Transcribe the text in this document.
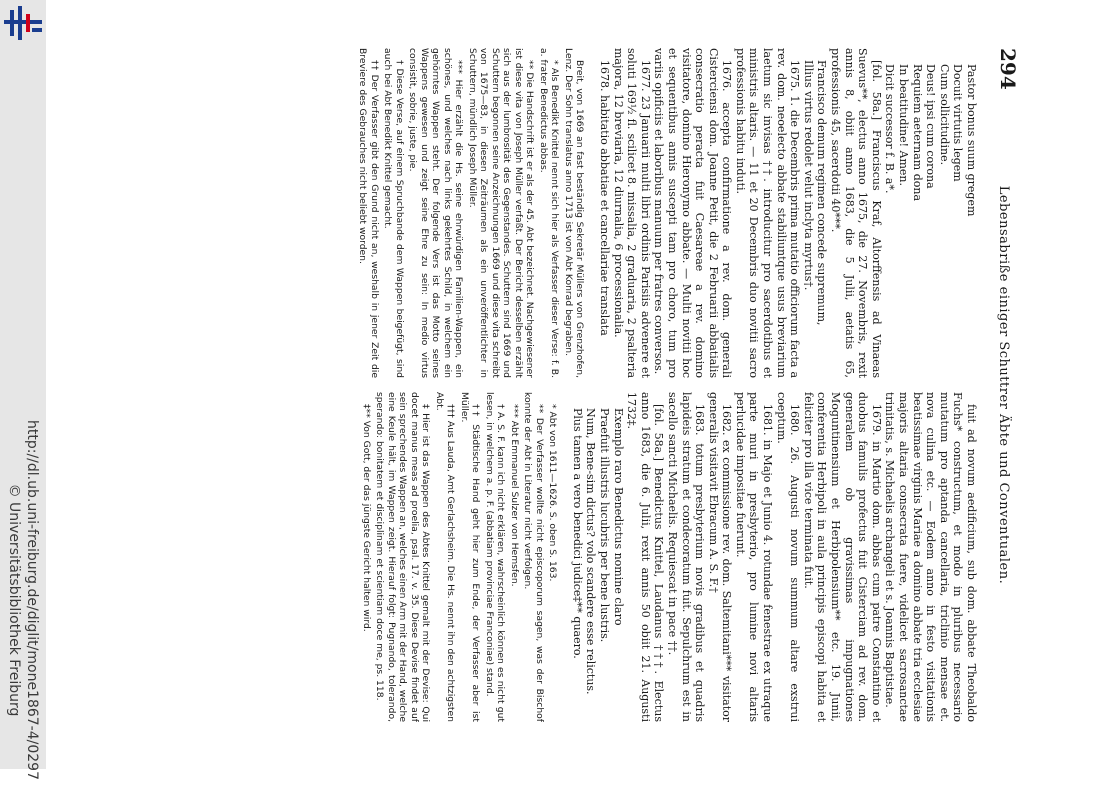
http://dl.ub.uni-freiburg.de/diglit/mone1867-4/0297
© Universitätsbibliothek Freiburg
294
Lebensabriße einiger Schuttrer Äbte und Conventualen.

Pastor bonus suum gregem

Docuit virtutis legem

Cum sollicitudine.

Deus! ipsi cum corona

Requiem aeternam dona

In beatitudine! Amen.

Dicit successor f. B. a*.

[fol. 58a.] Franciscus Kraf, Altorffensis ad Vinaeas Suevus**, electus anno 1675, die 27. Novembris, rexit annis 8, obiit anno 1683, die 5 Julii, aetatis 65, professionis 45, sacerdotii 40***.

Francisco demum regimen concede supremum,

Illius virtus redolet velut inclyta myrtus†.

1675. 1. die Decembris prima mutatio officiorum facta a rev. dom. neoelecto abbate stabiliuntque usus breviarium laetum sic invisas ††. introducitur pro sacerdotibus et ministris altaris. — 11 et 20 Decembris duo novitii sacro professionis habitu induti.

1676. accepta confirmatione a rev. dom. generali Cisterciensi dom. Joanne Petit, die 2 Februarii abbatialis consecratio peracta fuit Caesareae a rev. domino visitatore, domino Hieronymo abbate. — Multi novitii hoc et sequentibus annis suscepti tam pro choro, tum pro variis opificiis et laboribus manuum per fratres conversos.

1677. 23 Januarii multi libri ordinis Parisiis advenere et soluti 169½ fl. scilicet 8. missalia, 2 graduaria, 2 psalteria majora, 12 breviaria, 12 diurnalia, 6 processionalia.

1678. habitatio abbatiae et cancellariae translata

Breit, von 1669 an fast beständig Sekretär Müllers von Grenzhofen, Lenz. Der Sohn translatus anno 1713 ist von Abt Konrad begraben.

* Als Benedikt Knittel nennt sich hier als Verfasser dieser Verse: f. B. a. frater Benedictus abbas.

** Die Handschrift ist er als der 45. Abt bezeichnet. Nachgewiesener ist diese vita von Joseph Müller verfaßt. Der Bericht desselben erzählt sich aus der lumbrosität des Gegenstandes. Schuttern sind 1669 und Schuttern begonnen seine Anzeichnungen 1669 und diese vita schreibt von 1675—83, in diesen Zeiträumen als ein unveröffentlichter in Schuttern, mündlich Joseph Müller.

*** Hier erzählt die Hs. seine ehrwürdigen Familien-Wappen, ein schönes, und welches nach links gekehrtes Schild, in welchem ein gehörntes Wappen steht. Der folgende Vers ist das Motto seines Wappens gewesen und zeigt seine Ehre zu sein: In medio virtus consistit, sobrie, juste, pie.

† Diese Verse, auf einem Spruchbande dem Wappen beigefügt, sind auch bei Abt Benedikt Knittel gemacht.

†† Der Verfasser gibt den Grund nicht an, weshalb in jener Zeit die Breviere des Gebrauches nicht beliebt worden.

fuit ad novum aedificium, sub dom. abbate Theobaldo Fuchs* constructum, et modo in pluribus necessario mutatum pro aptanda cancellaria, triclinio mensae et. nova culina etc. — Eodem anno in festo visitationis beatissimae virginis Mariae a domino abbate tria ecclesiae majoris altaria consecrata fuere, videlicet sacrosanctae trinitatis, s. Michaelis archangeli et s. Joannis Baptistae.

1679. in Martio dom. abbas cum patre Constantino et duobus famulis profectus fuit Cisterciam ad rev. dom. generalem ob gravissimas impugnationes Moguntinensium et Herbipolensium** etc. 19. Junii, conferentia Herbipoli in aula principis episcopi habita et feliciter pro illa vice terminata fuit.

1680. 26. Augusti novum summum altare exstrui coeptum.

1681. in Majo et Junio 4. rotundae fenestrae ex utraque parte muri in presbyterio, pro lumine novi altaris perlucidae impositae fuerunt.

1682. ex commissione rev. dom. Saltemitani*** visitator generalis visitavit Ebracum A. S. F.†

1683. totum presbyterium novis gradibus et quadris lapideis stratum et condecoratum fuit. Sepulchrum est in sacello sancti Michaelis. Requiescat in pace ††.

[fol. 58a.] Benedictus Knittel, Laudanus †††. Electus anno 1683, die 6. Julii, rexit annis 50 obiit 21. Augusti 1732‡.

Exemplo raro Benedictus nomine claro

Praefuit illustris lucubris per bene lustris.

Num, Bene-sim dictus? volo scandere esse relictus.

Plus tamen a vero benedici judice‡** quaero.

* Abt von 1611—1626. S. oben S. 163.

** Der Verfasser wollte nicht episcoporum sagen, was der Bischof konnte der Abt in Literatur nicht verfolgen.

*** Abt Emmanuel Sulzer von Hemsfen.

† A. S. F. kann ich nicht erklären, wahrscheinlich können es nicht gut lesen, in welchem a. p. F. (abbatiam provinciae Franconiae) stand.

†† Städtische Hand geht hier zum Ende, der Verfasser aber ist Müller.

††† Aus Lauda, Amt Gerlachsheim. Die Hs. nennt ihn den achtzigsten Abt.

‡ Hier ist das Wappen des Abtes Knittel gemalt mit der Devise: Qui docet manus meas ad proelia, psal. 17. v. 35. Diese Devise findet auf sein sprechendes Wappen an, welches einen Arm mit der Hand, welche eine Keule hält, im Wappen zeigt. Hierauf folgt: Pugnando, tolerando, sperando: bonitatem et disciplinam et scientiam doce me, ps. 118.

‡** Von Gott, der das jüngste Gericht halten wird.
